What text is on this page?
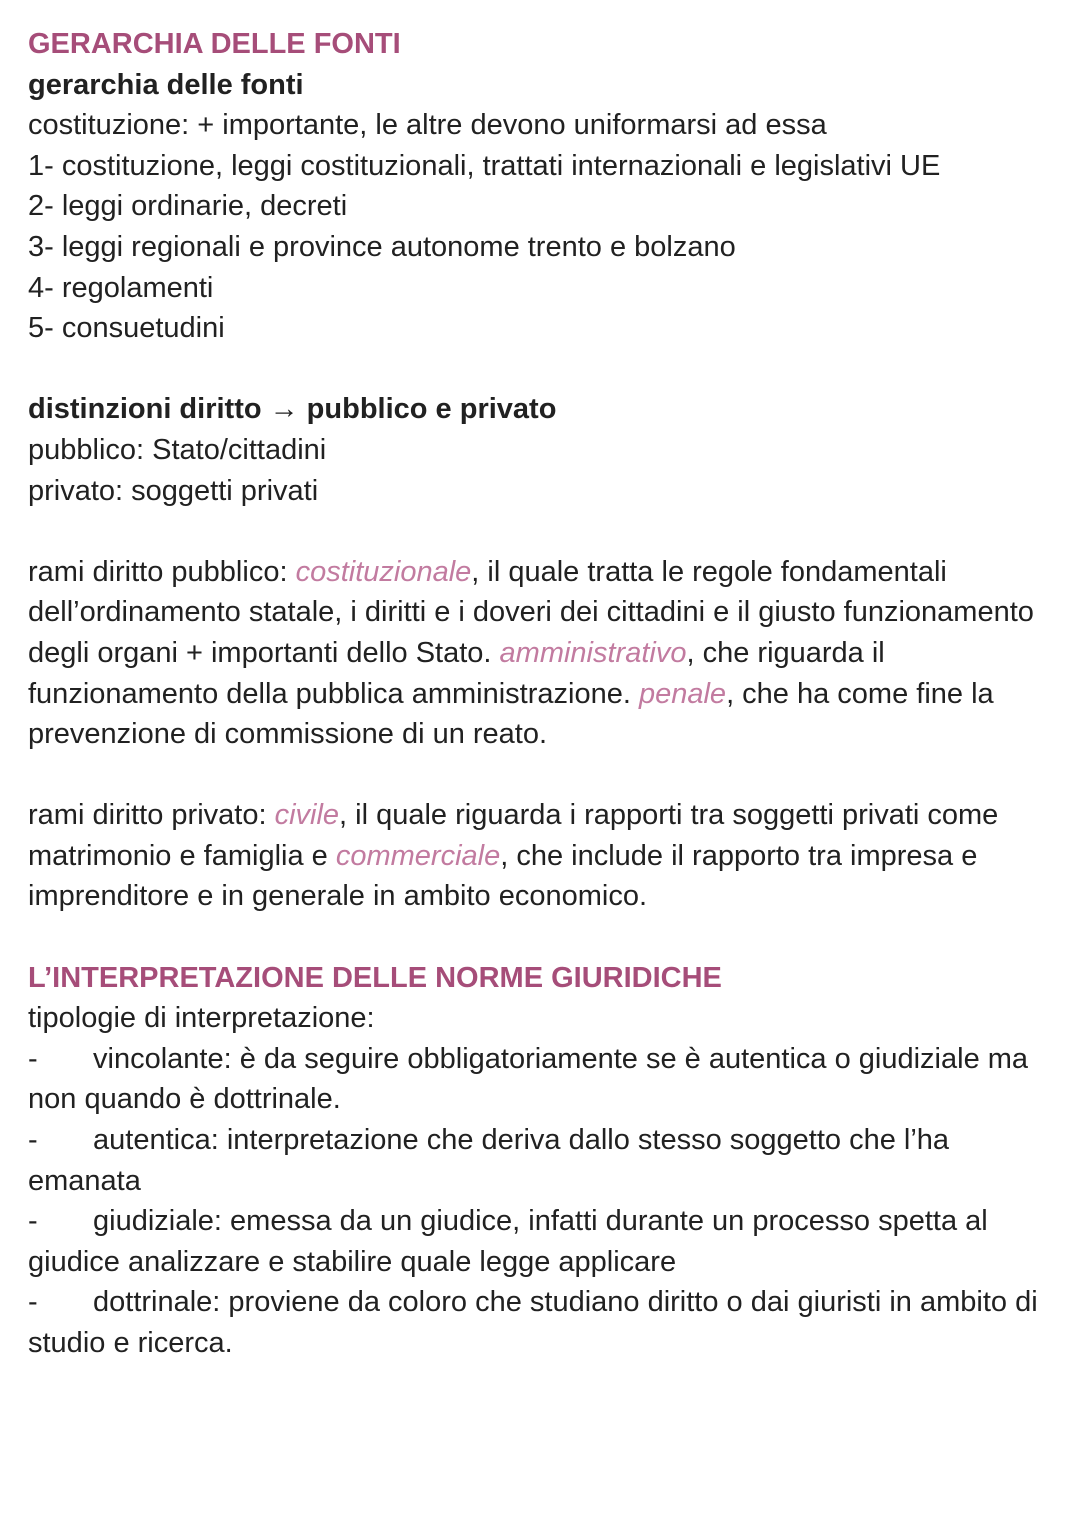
GERARCHIA DELLE FONTI
gerarchia delle fonti
costituzione: + importante, le altre devono uniformarsi ad essa
1- costituzione, leggi costituzionali, trattati internazionali e legislativi UE
2- leggi ordinarie, decreti
3- leggi regionali e province autonome trento e bolzano
4- regolamenti
5- consuetudini
distinzioni diritto → pubblico e privato
pubblico: Stato/cittadini
privato: soggetti privati
rami diritto pubblico: costituzionale, il quale tratta le regole fondamentali dell’ordinamento statale, i diritti e i doveri dei cittadini e il giusto funzionamento degli organi + importanti dello Stato. amministrativo, che riguarda il funzionamento della pubblica amministrazione. penale, che ha come fine la prevenzione di commissione di un reato.
rami diritto privato: civile, il quale riguarda i rapporti tra soggetti privati come matrimonio e famiglia e commerciale, che include il rapporto tra impresa e imprenditore e in generale in ambito economico.
L’INTERPRETAZIONE DELLE NORME GIURIDICHE
tipologie di interpretazione:
- vincolante: è da seguire obbligatoriamente se è autentica o giudiziale ma non quando è dottrinale.
- autentica: interpretazione che deriva dallo stesso soggetto che l’ha emanata
- giudiziale: emessa da un giudice, infatti durante un processo spetta al giudice analizzare e stabilire quale legge applicare
- dottrinale: proviene da coloro che studiano diritto o dai giuristi in ambito di studio e ricerca.
